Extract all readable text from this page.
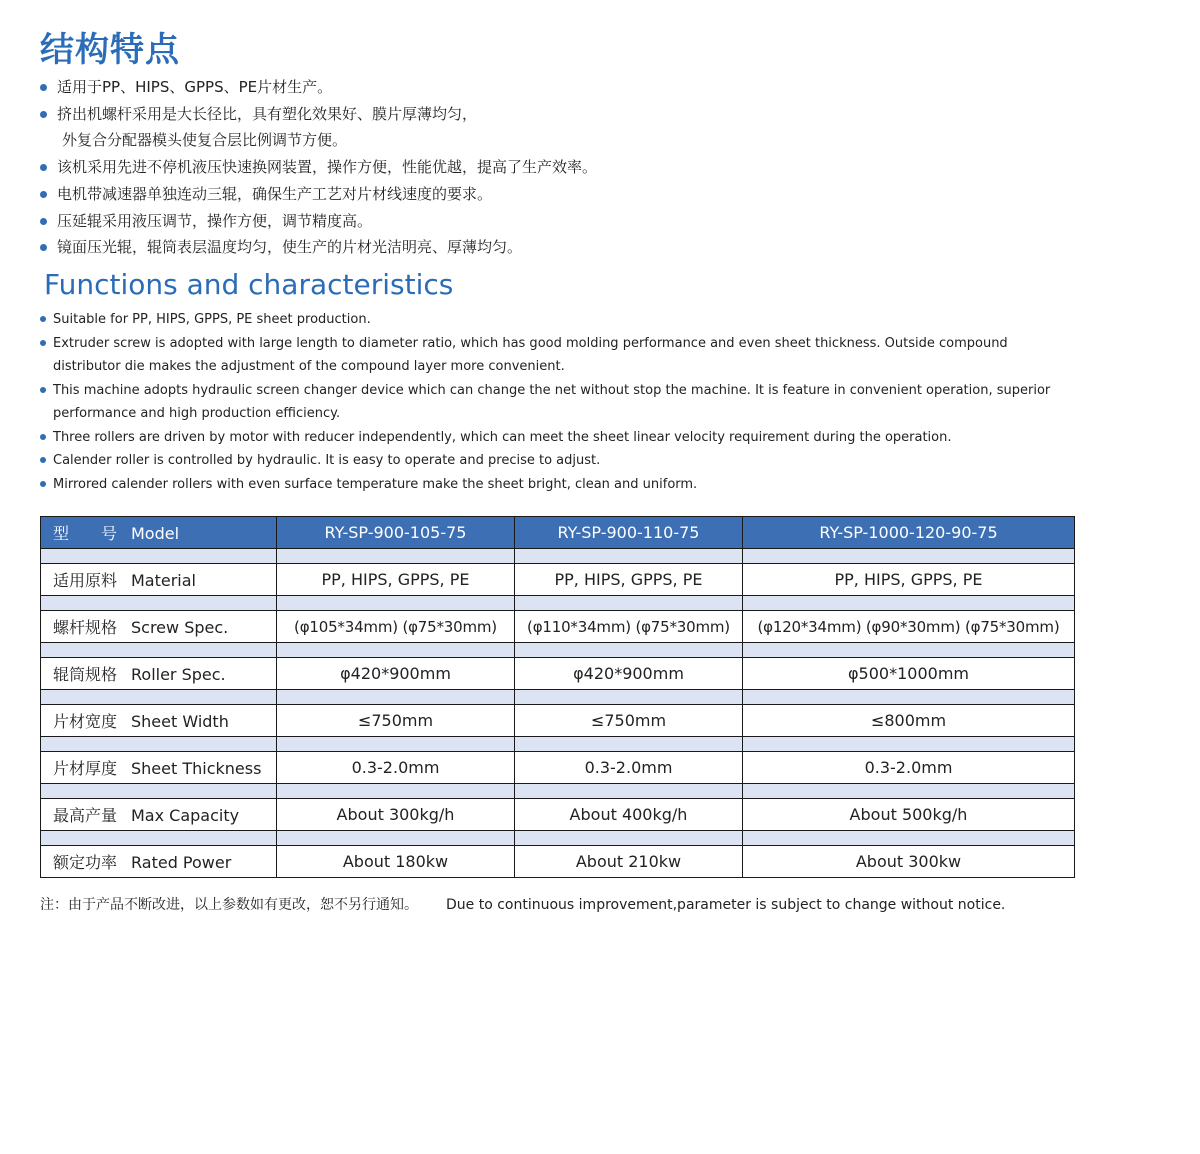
结构特点
适用于PP、HIPS、GPPS、PE片材生产。
挤出机螺杆采用是大长径比，具有塑化效果好、膜片厚薄均匀，
外复合分配器模头使复合层比例调节方便。
该机采用先进不停机液压快速换网装置，操作方便，性能优越，提高了生产效率。
电机带减速器单独连动三辊，确保生产工艺对片材线速度的要求。
压延辊采用液压调节，操作方便，调节精度高。
镜面压光辊，辊筒表层温度均匀，使生产的片材光洁明亮、厚薄均匀。
Functions and characteristics
Suitable for PP, HIPS, GPPS, PE sheet production.
Extruder screw is adopted with large length to diameter ratio, which has good molding performance and even sheet thickness. Outside compound distributor die makes the adjustment of the compound layer more convenient.
This machine adopts hydraulic screen changer device which can change the net without stop the machine. It is feature in convenient operation, superior performance and high production efficiency.
Three rollers are driven by motor with reducer independently, which can meet the sheet linear velocity requirement during the operation.
Calender roller is controlled by hydraulic. It is easy to operate and precise to adjust.
Mirrored calender rollers with even surface temperature make the sheet bright, clean and uniform.
型　　号 Model	RY-SP-900-105-75	RY-SP-900-110-75	RY-SP-1000-120-90-75

适用原料 Material	PP, HIPS, GPPS, PE	PP, HIPS, GPPS, PE	PP, HIPS, GPPS, PE

螺杆规格 Screw Spec.	(φ105*34mm) (φ75*30mm)	(φ110*34mm) (φ75*30mm)	(φ120*34mm) (φ90*30mm) (φ75*30mm)

辊筒规格 Roller Spec.	φ420*900mm	φ420*900mm	φ500*1000mm

片材宽度 Sheet Width	≤750mm	≤750mm	≤800mm

片材厚度 Sheet Thickness	0.3-2.0mm	0.3-2.0mm	0.3-2.0mm

最高产量 Max Capacity	About 300kg/h	About 400kg/h	About 500kg/h

额定功率 Rated Power	About 180kw	About 210kw	About 300kw
注：由于产品不断改进，以上参数如有更改，恕不另行通知。 Due to continuous improvement,parameter is subject to change without notice.
